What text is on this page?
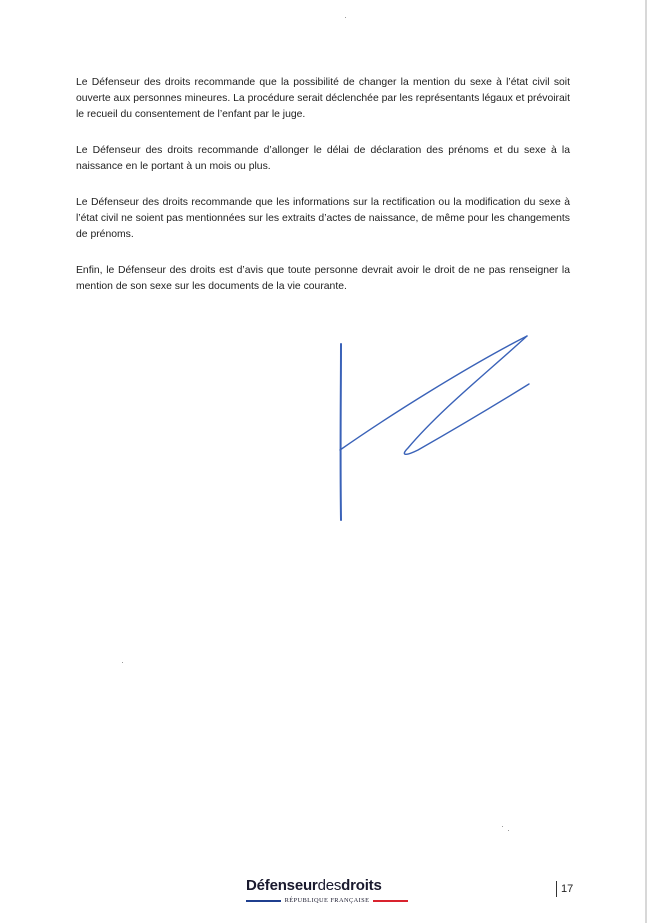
Le Défenseur des droits recommande que la possibilité de changer la mention du sexe à l’état civil soit ouverte aux personnes mineures. La procédure serait déclenchée par les représentants légaux et prévoirait le recueil du consentement de l’enfant par le juge.

Le Défenseur des droits recommande d’allonger le délai de déclaration des prénoms et du sexe à la naissance en le portant à un mois ou plus.

Le Défenseur des droits recommande que les informations sur la rectification ou la modification du sexe à l’état civil ne soient pas mentionnées sur les extraits d’actes de naissance, de même pour les changements de prénoms.

Enfin, le Défenseur des droits est d’avis que toute personne devrait avoir le droit de ne pas renseigner la mention de son sexe sur les documents de la vie courante.

Défenseurdesdroits
RÉPUBLIQUE FRANÇAISE
17
